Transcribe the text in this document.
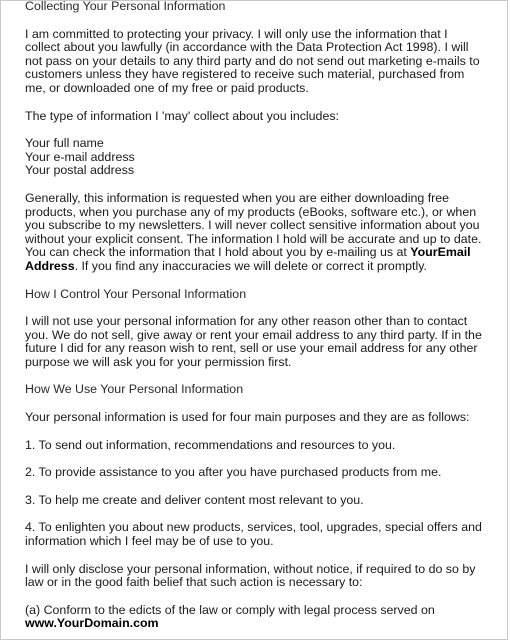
Collecting Your Personal Information

I am committed to protecting your privacy. I will only use the information that I collect about you lawfully (in accordance with the Data Protection Act 1998). I will not pass on your details to any third party and do not send out marketing e-mails to customers unless they have registered to receive such material, purchased from me, or downloaded one of my free or paid products.

The type of information I 'may' collect about you includes:

Your full name

Your e-mail address

Your postal address

Generally, this information is requested when you are either downloading free products, when you purchase any of my products (eBooks, software etc.), or when you subscribe to my newsletters. I will never collect sensitive information about you without your explicit consent. The information I hold will be accurate and up to date. You can check the information that I hold about you by e-mailing us at YourEmail Address. If you find any inaccuracies we will delete or correct it promptly.

How I Control Your Personal Information

I will not use your personal information for any other reason other than to contact you. We do not sell, give away or rent your email address to any third party. If in the future I did for any reason wish to rent, sell or use your email address for any other purpose we will ask you for your permission first.

How We Use Your Personal Information

Your personal information is used for four main purposes and they are as follows:

1. To send out information, recommendations and resources to you.

2. To provide assistance to you after you have purchased products from me.

3. To help me create and deliver content most relevant to you.

4. To enlighten you about new products, services, tool, upgrades, special offers and information which I feel may be of use to you.

I will only disclose your personal information, without notice, if required to do so by law or in the good faith belief that such action is necessary to:

(a) Conform to the edicts of the law or comply with legal process served on

www.YourDomain.com
